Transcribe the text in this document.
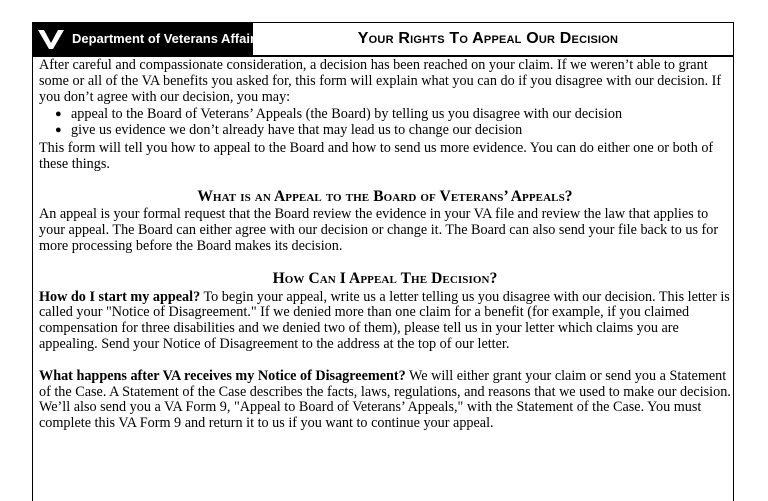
Department of Veterans Affairs	Your Rights To Appeal Our Decision

After careful and compassionate consideration, a decision has been reached on your claim. If we weren’t able to grant some or all of the VA benefits you asked for, this form will explain what you can do if you disagree with our decision. If you don’t agree with our decision, you may:

● appeal to the Board of Veterans’ Appeals (the Board) by telling us you disagree with our decision
● give us evidence we don’t already have that may lead us to change our decision

This form will tell you how to appeal to the Board and how to send us more evidence. You can do either one or both of these things.

What is an Appeal to the Board of Veterans’ Appeals?

An appeal is your formal request that the Board review the evidence in your VA file and review the law that applies to your appeal. The Board can either agree with our decision or change it. The Board can also send your file back to us for more processing before the Board makes its decision.

How Can I Appeal The Decision?

How do I start my appeal? To begin your appeal, write us a letter telling us you disagree with our decision. This letter is called your "Notice of Disagreement." If we denied more than one claim for a benefit (for example, if you claimed compensation for three disabilities and we denied two of them), please tell us in your letter which claims you are appealing. Send your Notice of Disagreement to the address at the top of our letter.

What happens after VA receives my Notice of Disagreement? We will either grant your claim or send you a Statement of the Case. A Statement of the Case describes the facts, laws, regulations, and reasons that we used to make our decision. We’ll also send you a VA Form 9, "Appeal to Board of Veterans’ Appeals," with the Statement of the Case. You must complete this VA Form 9 and return it to us if you want to continue your appeal.
